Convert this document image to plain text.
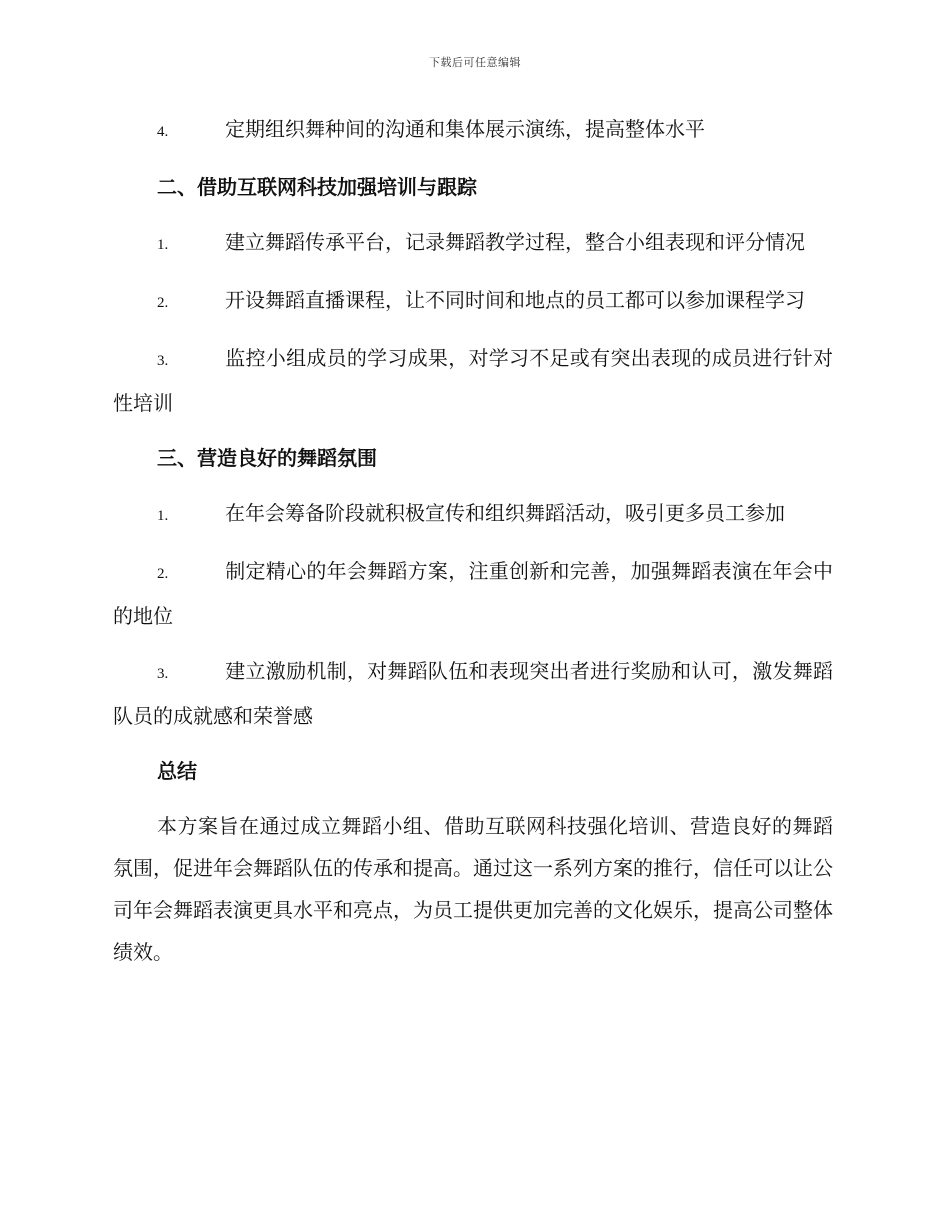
下载后可任意编辑

4.	定期组织舞种间的沟通和集体展示演练，提高整体水平

二、借助互联网科技加强培训与跟踪

1.	建立舞蹈传承平台，记录舞蹈教学过程，整合小组表现和评分情况

2.	开设舞蹈直播课程，让不同时间和地点的员工都可以参加课程学习

3.	监控小组成员的学习成果，对学习不足或有突出表现的成员进行针对性培训

三、营造良好的舞蹈氛围

1.	在年会筹备阶段就积极宣传和组织舞蹈活动，吸引更多员工参加

2.	制定精心的年会舞蹈方案，注重创新和完善，加强舞蹈表演在年会中的地位

3.	建立激励机制，对舞蹈队伍和表现突出者进行奖励和认可，激发舞蹈队员的成就感和荣誉感

总结

本方案旨在通过成立舞蹈小组、借助互联网科技强化培训、营造良好的舞蹈氛围，促进年会舞蹈队伍的传承和提高。通过这一系列方案的推行，信任可以让公司年会舞蹈表演更具水平和亮点，为员工提供更加完善的文化娱乐，提高公司整体绩效。
